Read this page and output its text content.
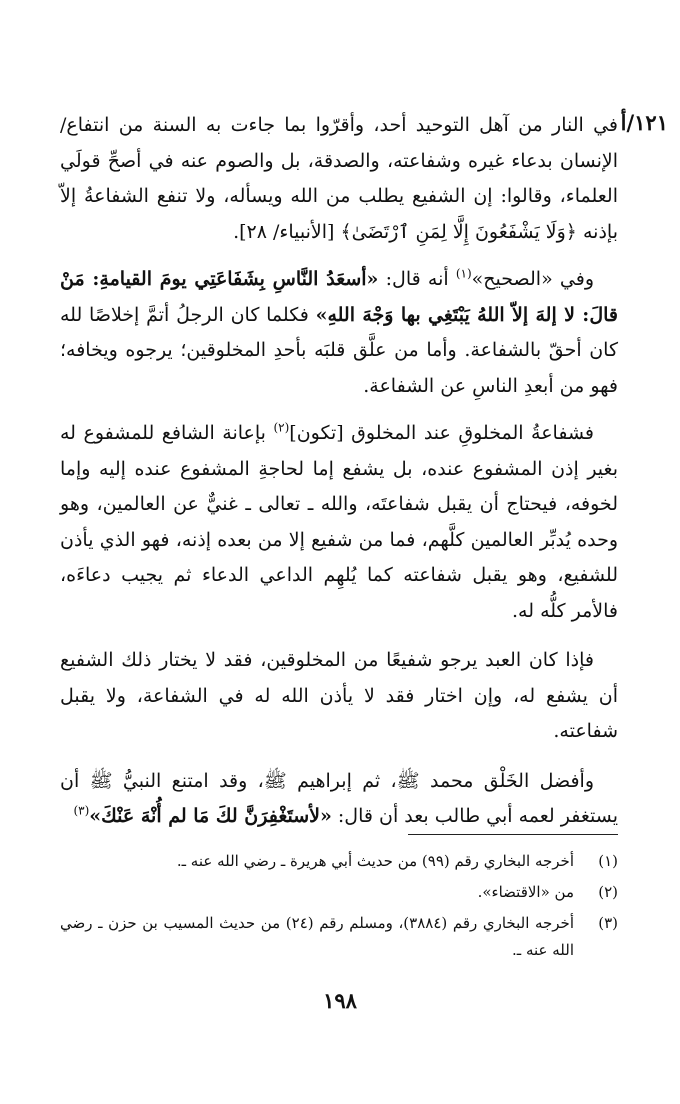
١٢١/أ

في النار من آهل التوحيد أحد، وأقرّوا بما جاءت به السنة من انتفاع/ الإنسان بدعاء غيره وشفاعته، والصدقة، بل والصوم عنه في أصحِّ قولَي العلماء، وقالوا: إن الشفيع يطلب من الله ويسأله، ولا تنفع الشفاعةُ إلاّ بإذنه ﴿وَلَا يَشْفَعُونَ إِلَّا لِمَنِ ٱرْتَضَىٰ﴾ [الأنبياء/ ٢٨].

وفي «الصحيح»$^{(١)}$ أنه قال: «أسعَدُ النَّاسِ بِشَفَاعَتِي يومَ القيامةِ: مَنْ قالَ: لا إلهَ إلاّ اللهُ يَبْتَغِي بها وَجْهَ اللهِ» فكلما كان الرجلُ أتمَّ إخلاصًا لله كان أحقّ بالشفاعة. وأما من علَّق قلبَه بأحدِ المخلوقين؛ يرجوه ويخافه؛ فهو من أبعدِ الناسِ عن الشفاعة.

فشفاعةُ المخلوقِ عند المخلوق [تكون]$^{(٢)}$ بإعانة الشافع للمشفوع له بغير إذن المشفوع عنده، بل يشفع إما لحاجةِ المشفوع عنده إليه وإما لخوفه، فيحتاج أن يقبل شفاعتَه، والله ـ تعالى ـ غنيٌّ عن العالمين، وهو وحده يُدبِّر العالمين كلَّهم، فما من شفيع إلا من بعده إذنه، فهو الذي يأذن للشفيع، وهو يقبل شفاعته كما يُلهِم الداعي الدعاء ثم يجيب دعاءَه، فالأمر كلُّه له.

فإذا كان العبد يرجو شفيعًا من المخلوقين، فقد لا يختار ذلك الشفيع أن يشفع له، وإن اختار فقد لا يأذن الله له في الشفاعة، ولا يقبل شفاعته.

وأفضل الخَلْق محمد ﷺ، ثم إبراهيم ﷺ، وقد امتنع النبيُّ ﷺ أن يستغفر لعمه أبي طالب بعد أن قال: «لأستَغْفِرَنَّ لكَ مَا لم أُنْهَ عَنْكَ»$^{(٣)}$

(١)
أخرجه البخاري رقم (٩٩) من حديث أبي هريرة ـ رضي الله عنه ـ.
(٢)
من «الاقتضاء».
(٣)
أخرجه البخاري رقم (٣٨٨٤)، ومسلم رقم (٢٤) من حديث المسيب بن حزن ـ رضي الله عنه ـ.
١٩٨
